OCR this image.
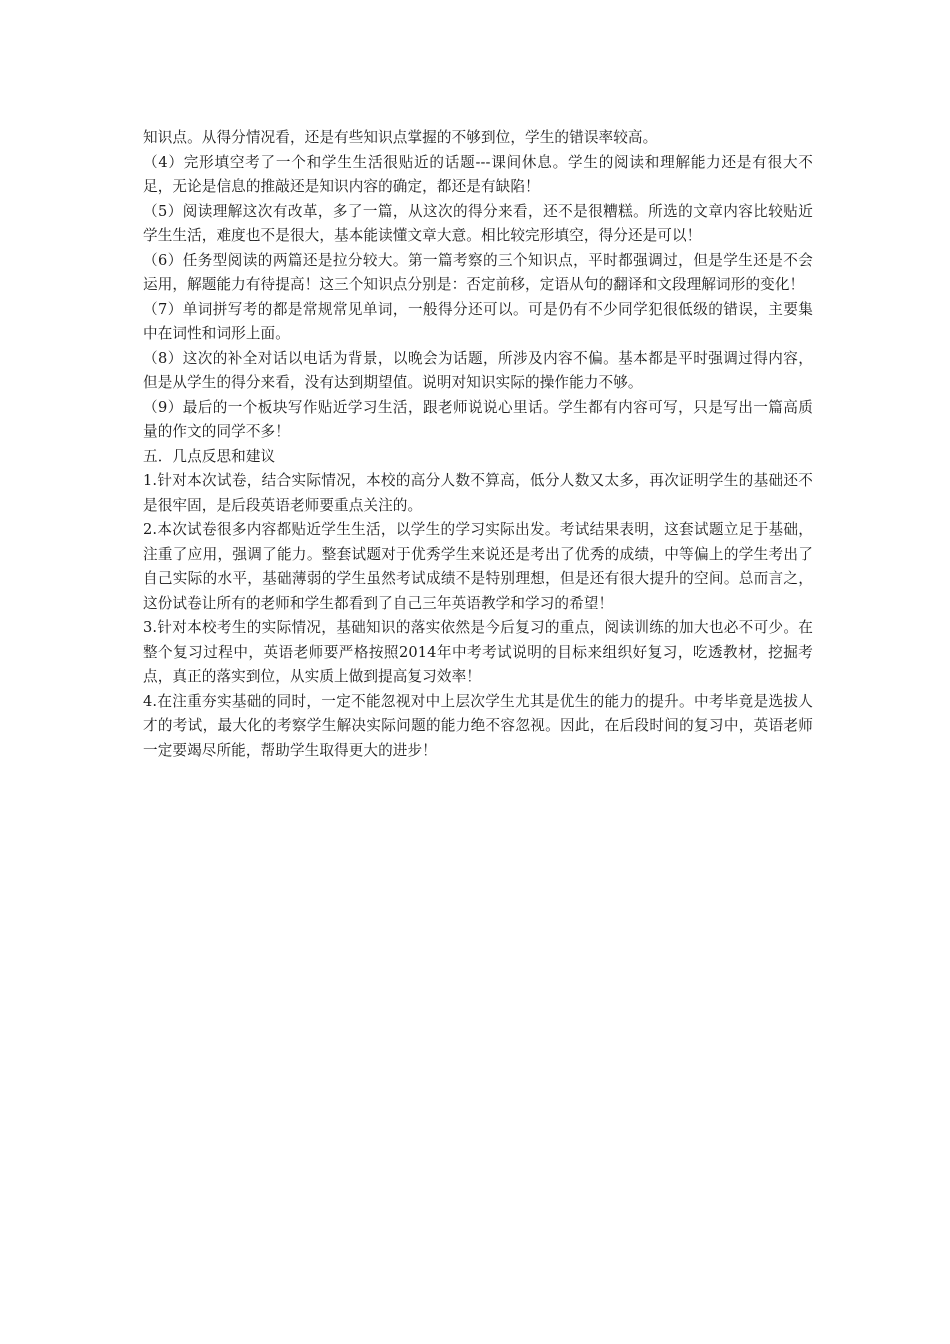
知识点。从得分情况看，还是有些知识点掌握的不够到位，学生的错误率较高。

（4）完形填空考了一个和学生生活很贴近的话题---课间休息。学生的阅读和理解能力还是有很大不足，无论是信息的推敲还是知识内容的确定，都还是有缺陷！

（5）阅读理解这次有改革，多了一篇，从这次的得分来看，还不是很糟糕。所选的文章内容比较贴近学生生活，难度也不是很大，基本能读懂文章大意。相比较完形填空，得分还是可以！

（6）任务型阅读的两篇还是拉分较大。第一篇考察的三个知识点，平时都强调过，但是学生还是不会运用，解题能力有待提高！这三个知识点分别是：否定前移，定语从句的翻译和文段理解词形的变化！

（7）单词拼写考的都是常规常见单词，一般得分还可以。可是仍有不少同学犯很低级的错误，主要集中在词性和词形上面。

（8）这次的补全对话以电话为背景，以晚会为话题，所涉及内容不偏。基本都是平时强调过得内容，但是从学生的得分来看，没有达到期望值。说明对知识实际的操作能力不够。

（9）最后的一个板块写作贴近学习生活，跟老师说说心里话。学生都有内容可写，只是写出一篇高质量的作文的同学不多！

五．几点反思和建议

1.针对本次试卷，结合实际情况，本校的高分人数不算高，低分人数又太多，再次证明学生的基础还不是很牢固，是后段英语老师要重点关注的。

2.本次试卷很多内容都贴近学生生活，以学生的学习实际出发。考试结果表明，这套试题立足于基础，注重了应用，强调了能力。整套试题对于优秀学生来说还是考出了优秀的成绩，中等偏上的学生考出了自己实际的水平，基础薄弱的学生虽然考试成绩不是特别理想，但是还有很大提升的空间。总而言之，这份试卷让所有的老师和学生都看到了自己三年英语教学和学习的希望！

3.针对本校考生的实际情况，基础知识的落实依然是今后复习的重点，阅读训练的加大也必不可少。在整个复习过程中，英语老师要严格按照2014年中考考试说明的目标来组织好复习，吃透教材，挖掘考点，真正的落实到位，从实质上做到提高复习效率！

4.在注重夯实基础的同时，一定不能忽视对中上层次学生尤其是优生的能力的提升。中考毕竟是选拔人才的考试，最大化的考察学生解决实际问题的能力绝不容忽视。因此，在后段时间的复习中，英语老师一定要竭尽所能，帮助学生取得更大的进步！
